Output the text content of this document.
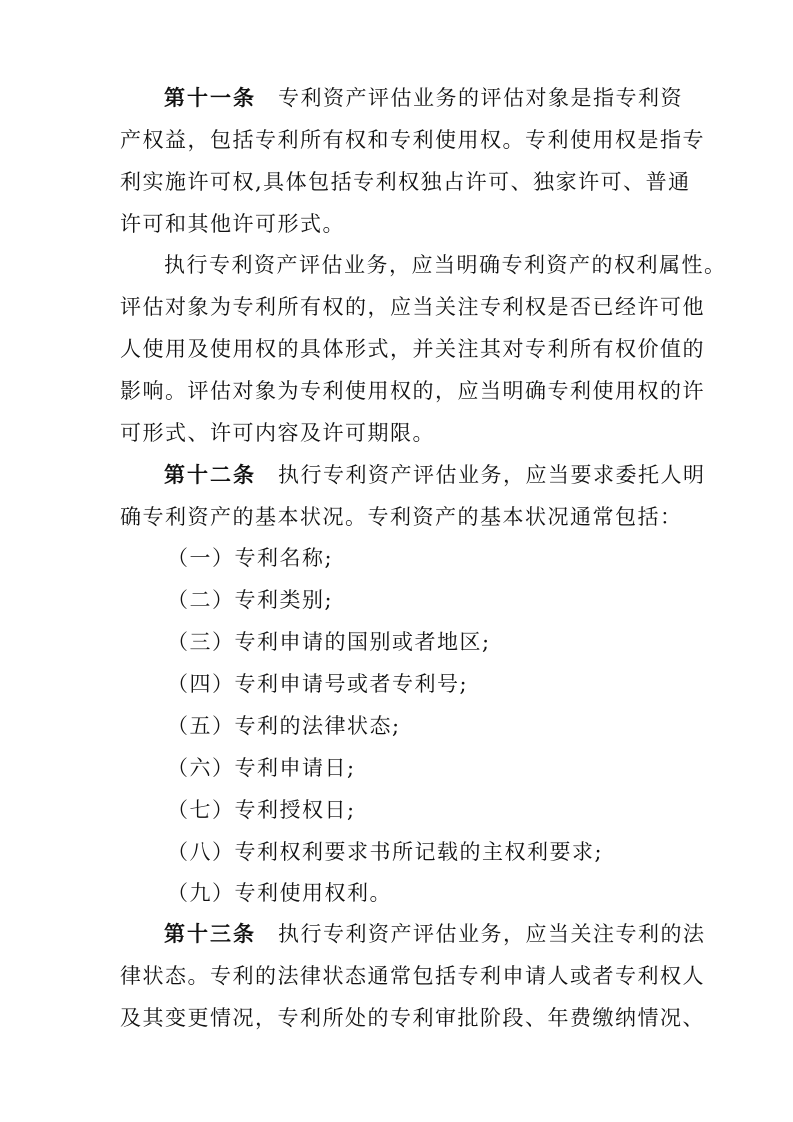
第十一条 专利资产评估业务的评估对象是指专利资
产权益，包括专利所有权和专利使用权。专利使用权是指专
利实施许可权,具体包括专利权独占许可、独家许可、普通
许可和其他许可形式。
执行专利资产评估业务，应当明确专利资产的权利属性。
评估对象为专利所有权的，应当关注专利权是否已经许可他
人使用及使用权的具体形式，并关注其对专利所有权价值的
影响。评估对象为专利使用权的，应当明确专利使用权的许
可形式、许可内容及许可期限。
第十二条 执行专利资产评估业务，应当要求委托人明
确专利资产的基本状况。专利资产的基本状况通常包括：
（一）专利名称;
（二）专利类别;
（三）专利申请的国别或者地区;
（四）专利申请号或者专利号;
（五）专利的法律状态;
（六）专利申请日;
（七）专利授权日;
（八）专利权利要求书所记载的主权利要求;
（九）专利使用权利。
第十三条 执行专利资产评估业务，应当关注专利的法
律状态。专利的法律状态通常包括专利申请人或者专利权人
及其变更情况，专利所处的专利审批阶段、年费缴纳情况、
